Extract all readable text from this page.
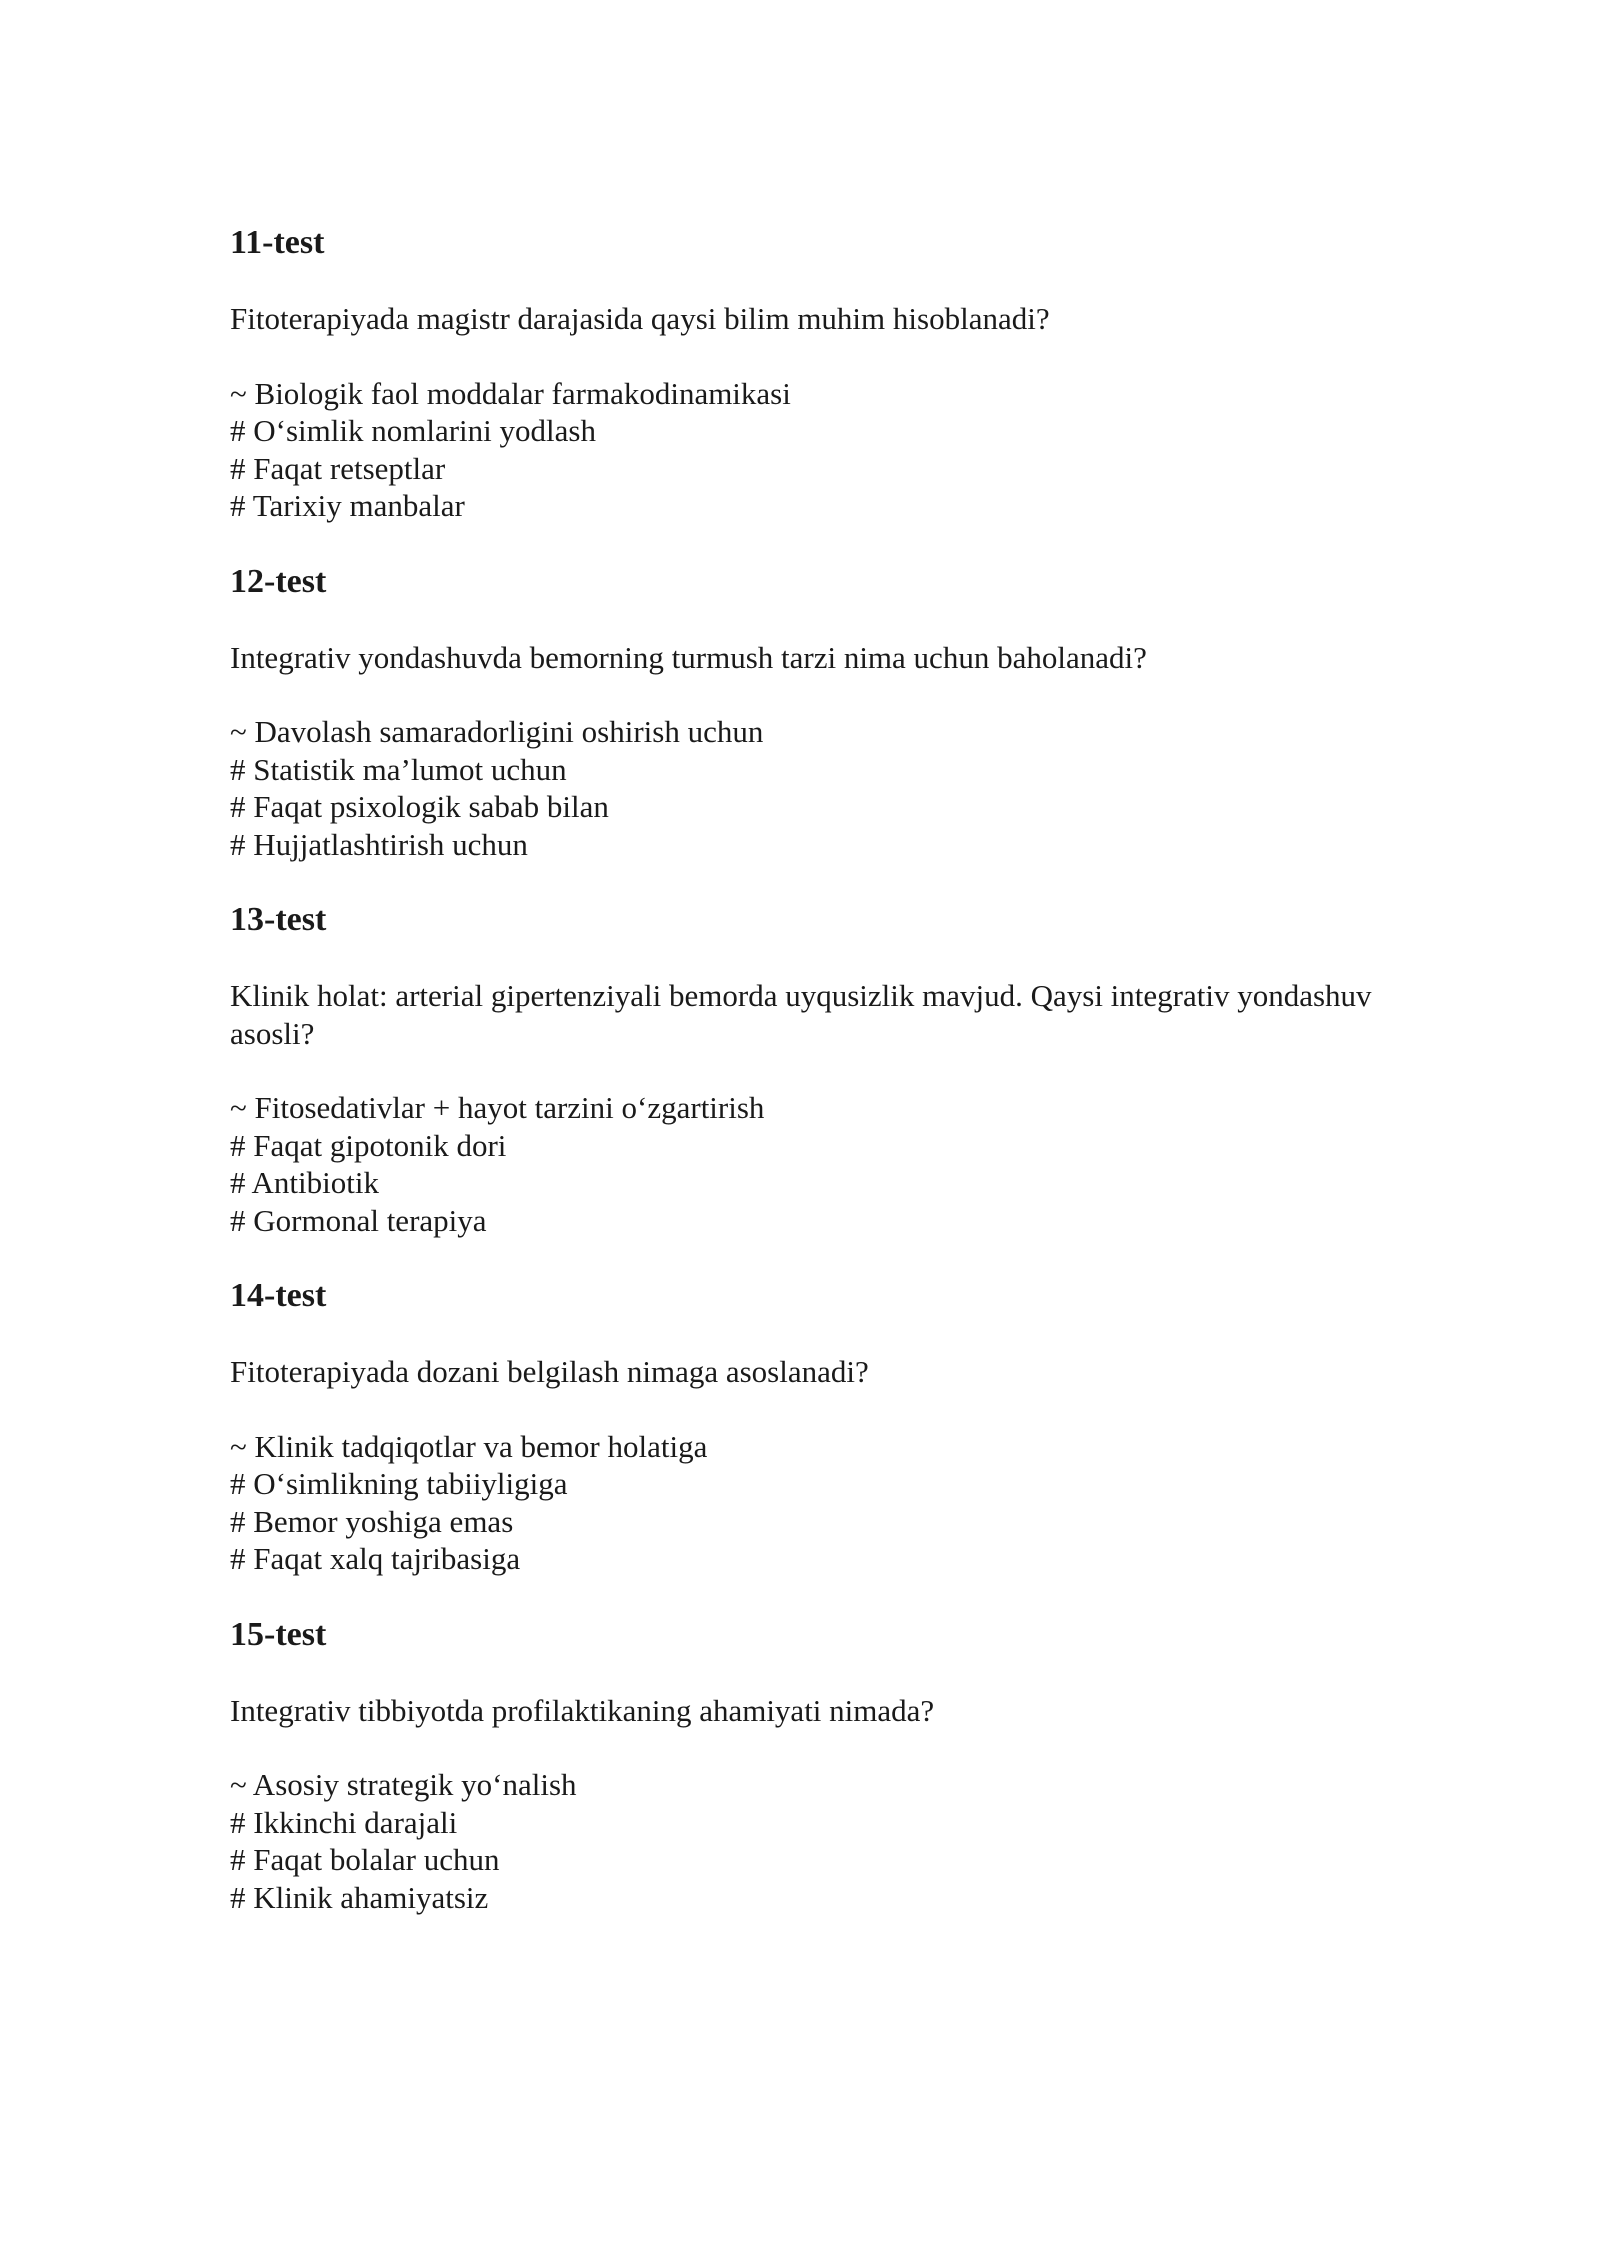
11-test

Fitoterapiyada magistr darajasida qaysi bilim muhim hisoblanadi?

~ Biologik faol moddalar farmakodinamikasi
# O‘simlik nomlarini yodlash
# Faqat retseptlar
# Tarixiy manbalar
12-test

Integrativ yondashuvda bemorning turmush tarzi nima uchun baholanadi?

~ Davolash samaradorligini oshirish uchun
# Statistik ma’lumot uchun
# Faqat psixologik sabab bilan
# Hujjatlashtirish uchun
13-test

Klinik holat: arterial gipertenziyali bemorda uyqusizlik mavjud. Qaysi integrativ yondashuv asosli?

~ Fitosedativlar + hayot tarzini o‘zgartirish
# Faqat gipotonik dori
# Antibiotik
# Gormonal terapiya
14-test

Fitoterapiyada dozani belgilash nimaga asoslanadi?

~ Klinik tadqiqotlar va bemor holatiga
# O‘simlikning tabiiyligiga
# Bemor yoshiga emas
# Faqat xalq tajribasiga
15-test

Integrativ tibbiyotda profilaktikaning ahamiyati nimada?

~ Asosiy strategik yo‘nalish
# Ikkinchi darajali
# Faqat bolalar uchun
# Klinik ahamiyatsiz
